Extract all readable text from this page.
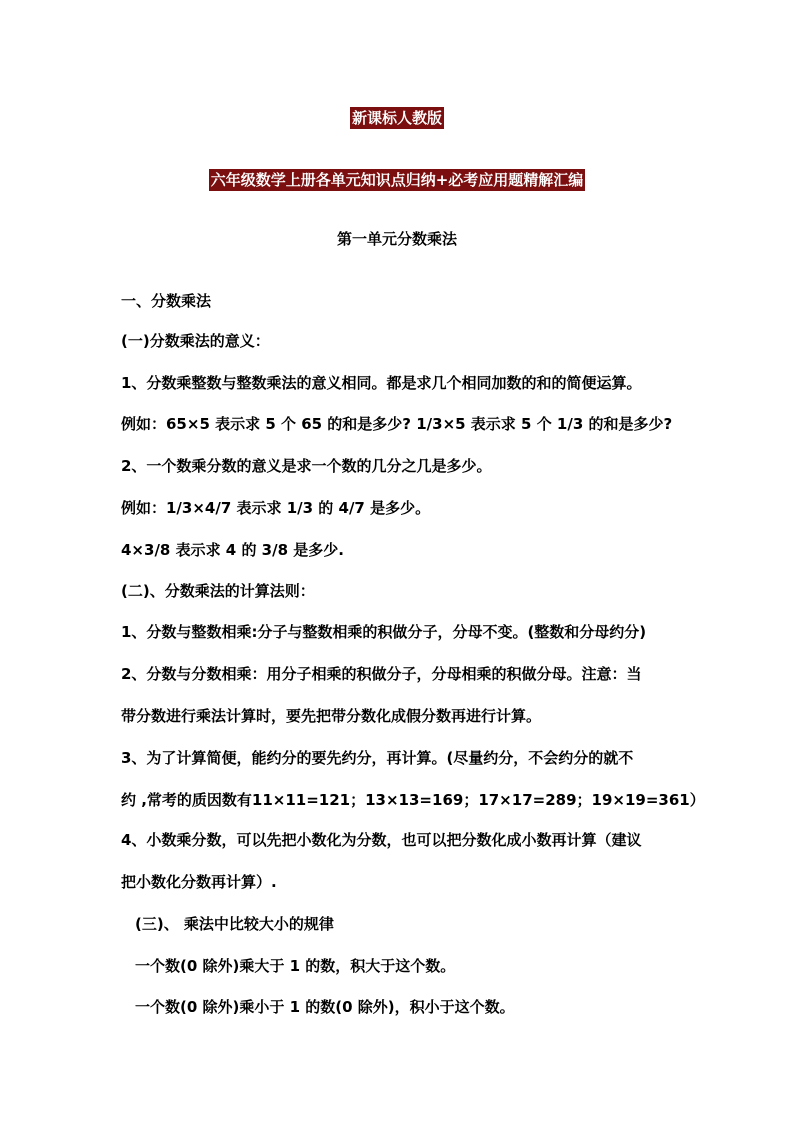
新课标人教版
六年级数学上册各单元知识点归纳+必考应用题精解汇编
第一单元分数乘法
一、分数乘法
(一)分数乘法的意义：
1、分数乘整数与整数乘法的意义相同。都是求几个相同加数的和的简便运算。
例如：65×5 表示求 5 个 65 的和是多少? 1/3×5 表示求 5 个 1/3 的和是多少?
2、一个数乘分数的意义是求一个数的几分之几是多少。
例如：1/3×4/7 表示求 1/3 的 4/7 是多少。
4×3/8 表示求 4 的 3/8 是多少.
(二)、分数乘法的计算法则：
1、分数与整数相乘:分子与整数相乘的积做分子，分母不变。(整数和分母约分)
2、分数与分数相乘：用分子相乘的积做分子，分母相乘的积做分母。注意：当
带分数进行乘法计算时，要先把带分数化成假分数再进行计算。
3、为了计算简便，能约分的要先约分，再计算。(尽量约分，不会约分的就不
约 ,常考的质因数有11×11=121；13×13=169；17×17=289；19×19=361）
4、小数乘分数，可以先把小数化为分数，也可以把分数化成小数再计算（建议
把小数化分数再计算）.
(三)、 乘法中比较大小的规律
一个数(0 除外)乘大于 1 的数，积大于这个数。
一个数(0 除外)乘小于 1 的数(0 除外)，积小于这个数。
